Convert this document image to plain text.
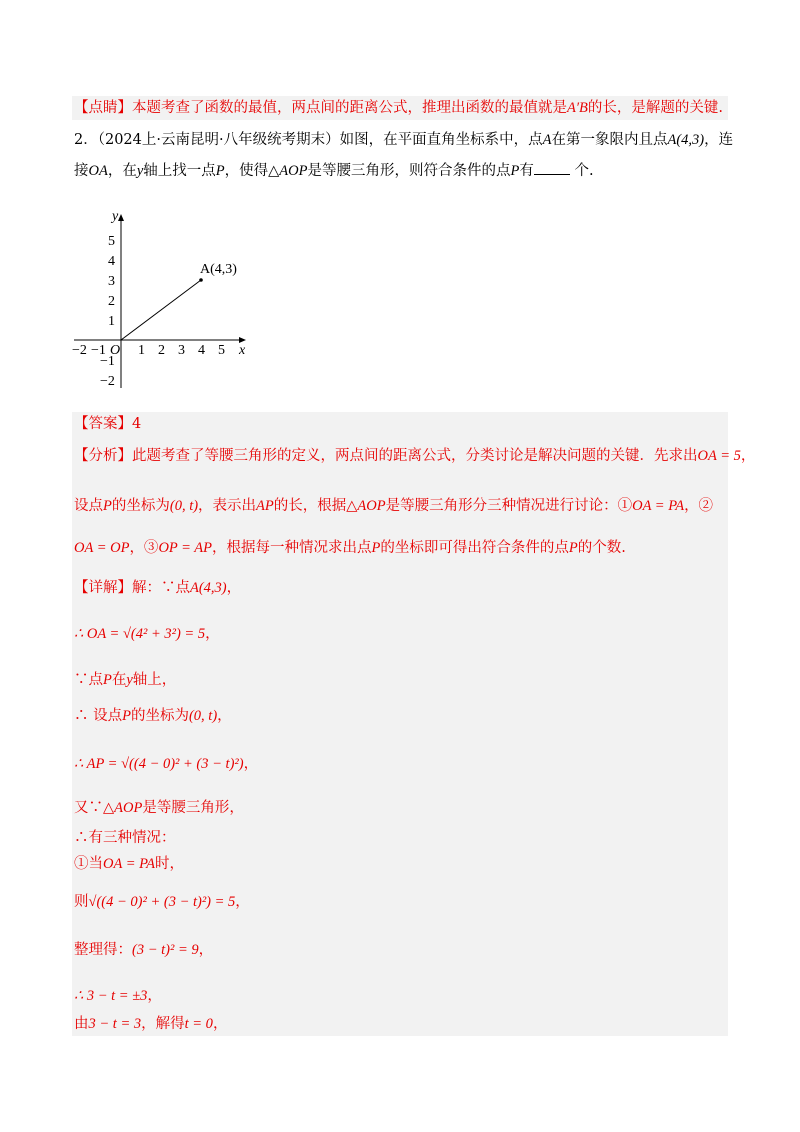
【点睛】本题考查了函数的最值，两点间的距离公式，推理出函数的最值就是A′B的长，是解题的关键.
2．（2024上·云南昆明·八年级统考期末）如图，在平面直角坐标系中，点A在第一象限内且点A(4,3)，连
接OA，在y轴上找一点P，使得△AOP是等腰三角形，则符合条件的点P有	个.
y
x
O
5
4
3
2
1
−1
−2
−2 −1 1 2 3 4 5
A(4,3)
【答案】4
【分析】此题考查了等腰三角形的定义，两点间的距离公式，分类讨论是解决问题的关键．先求出OA = 5，
设点P的坐标为(0, t)，表示出AP的长，根据△AOP是等腰三角形分三种情况进行讨论：①OA = PA，②
OA = OP，③OP = AP，根据每一种情况求出点P的坐标即可得出符合条件的点P的个数.
【详解】解：∵点A(4,3)，
∴ OA = √(4² + 3²) = 5，
∵点P在y轴上，
∴ 设点P的坐标为(0, t)，
∴ AP = √((4 − 0)² + (3 − t)²)，
又∵△AOP是等腰三角形，
∴有三种情况：
①当OA = PA时，
则√((4 − 0)² + (3 − t)²) = 5，
整理得：(3 − t)² = 9，
∴ 3 − t = ±3，
由3 − t = 3，解得t = 0，
